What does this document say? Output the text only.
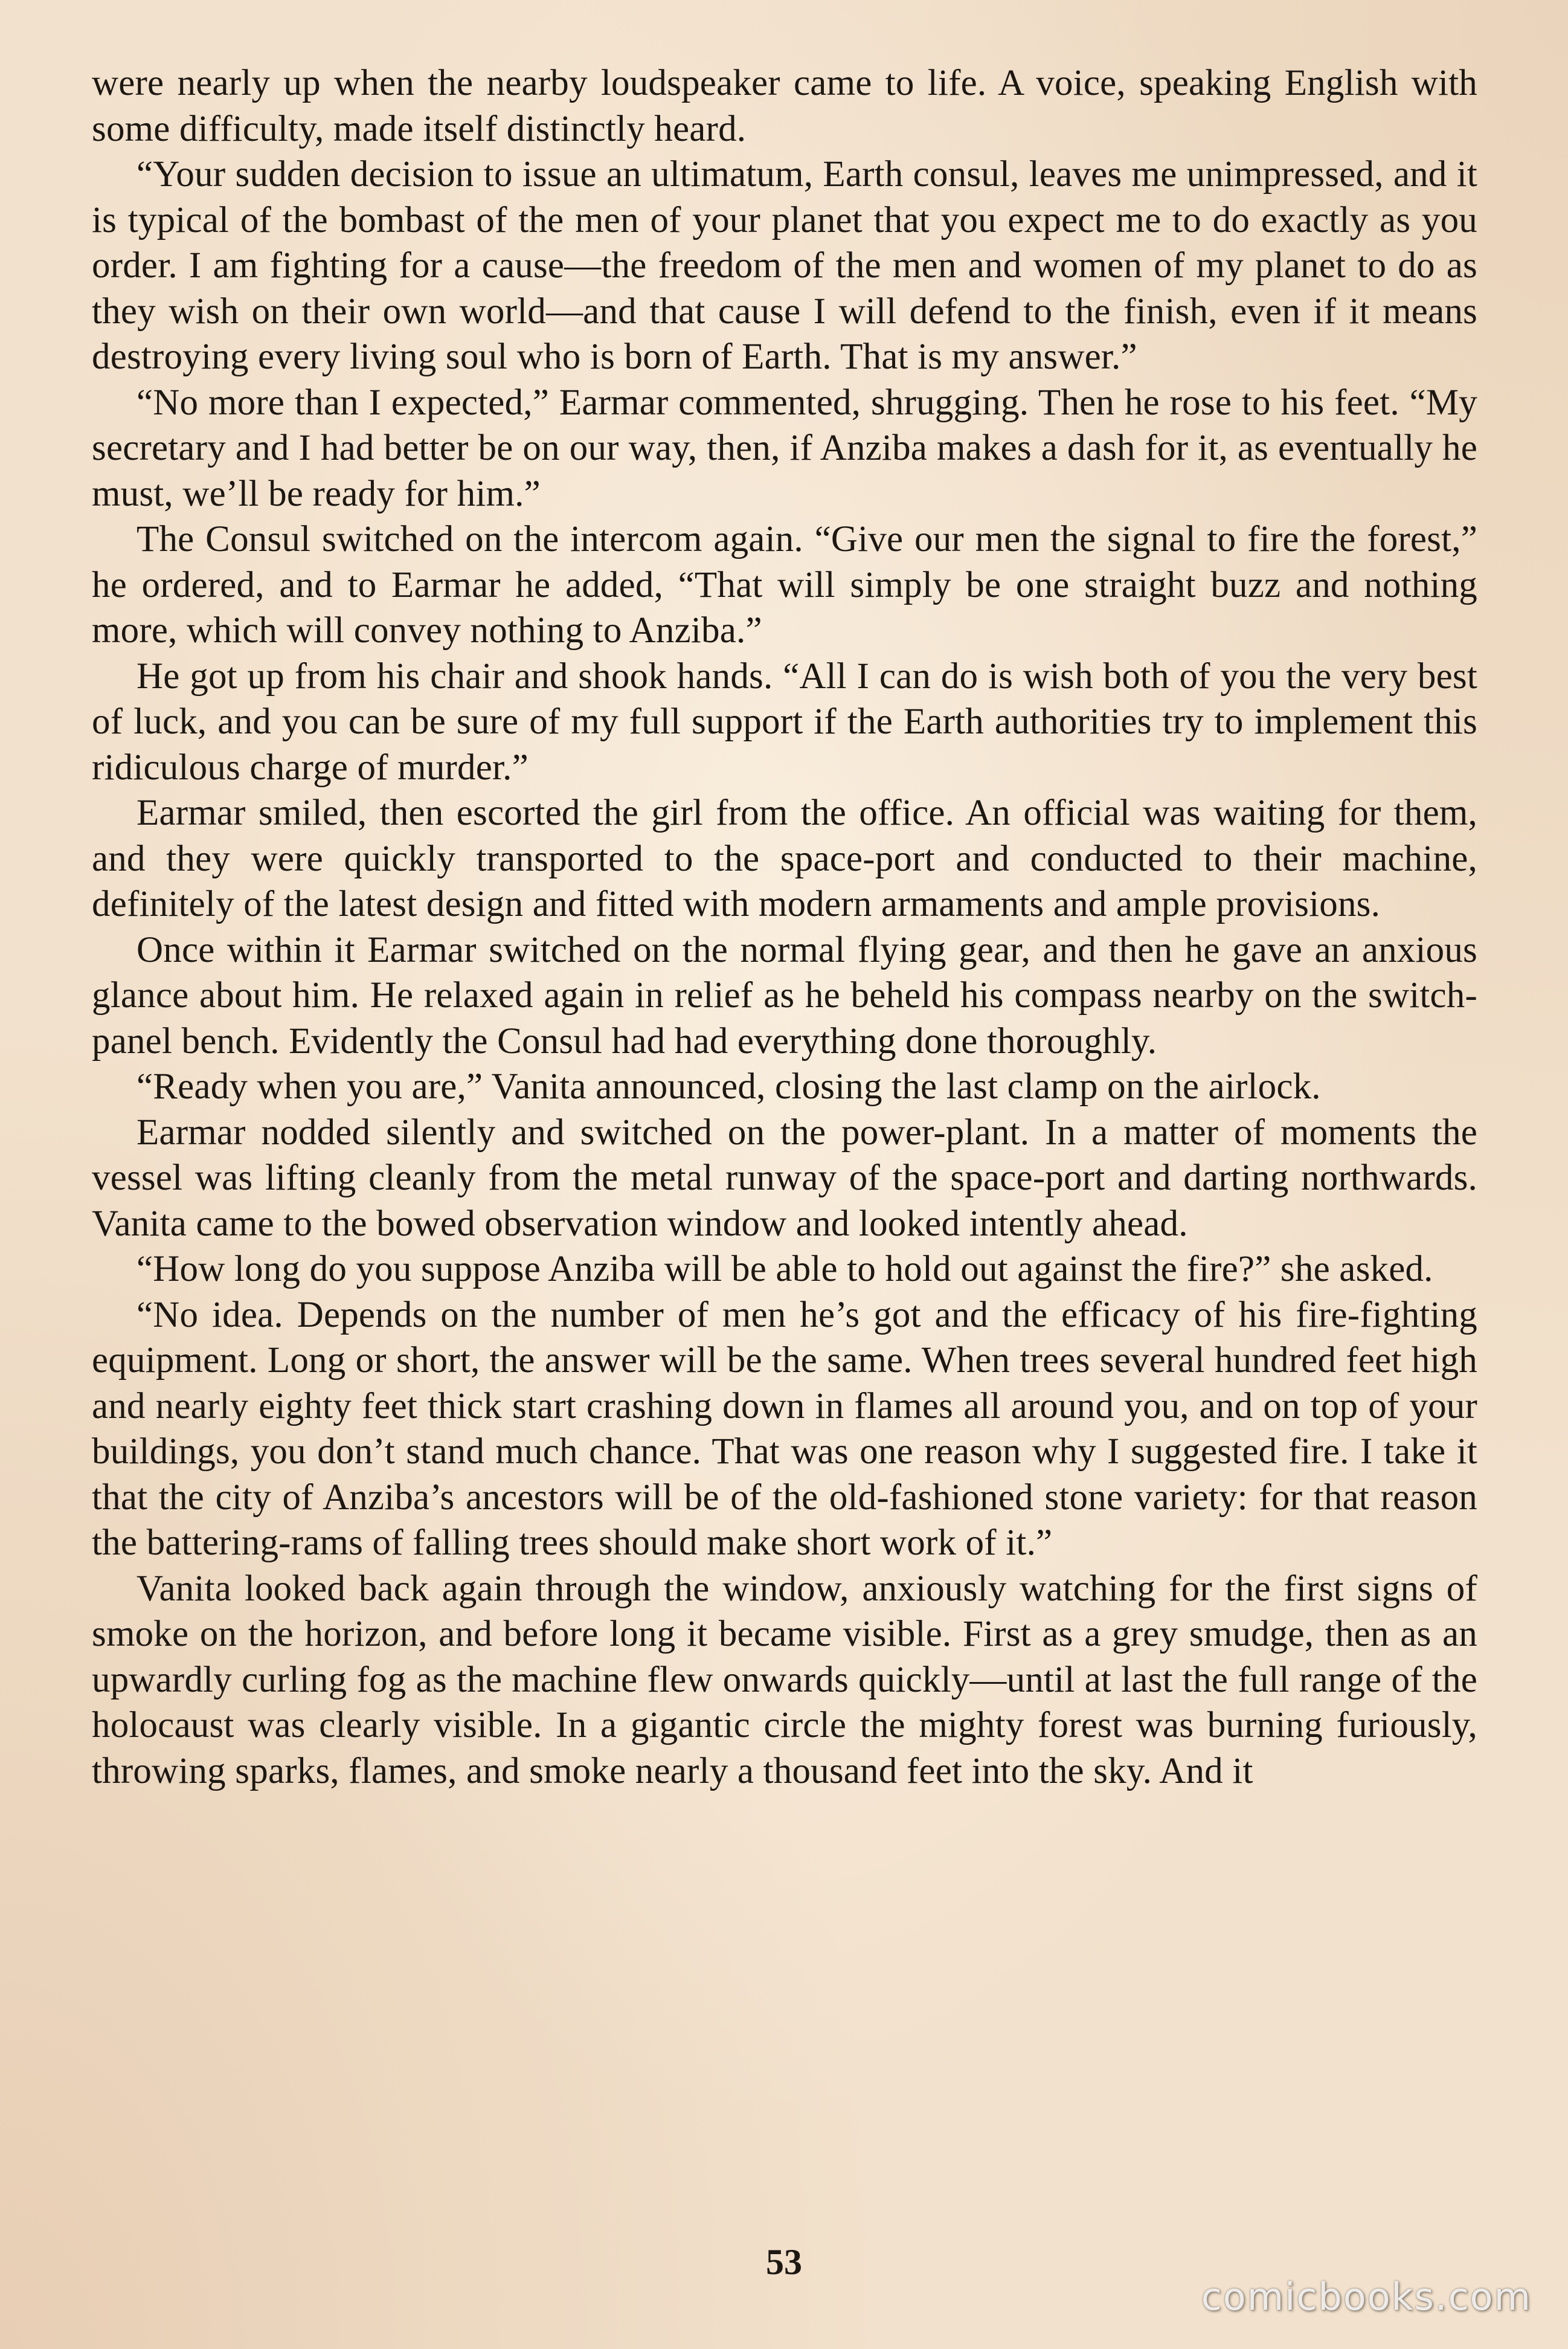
were nearly up when the nearby loudspeaker came to life. A voice, speaking English with some difficulty, made itself distinctly heard.

“Your sudden decision to issue an ultimatum, Earth consul, leaves me unimpressed, and it is typical of the bombast of the men of your planet that you expect me to do exactly as you order. I am fighting for a cause—the freedom of the men and women of my planet to do as they wish on their own world—and that cause I will defend to the finish, even if it means destroying every living soul who is born of Earth. That is my answer.”

“No more than I expected,” Earmar commented, shrugging. Then he rose to his feet. “My secretary and I had better be on our way, then, if Anziba makes a dash for it, as eventually he must, we’ll be ready for him.”

The Consul switched on the intercom again. “Give our men the signal to fire the forest,” he ordered, and to Earmar he added, “That will simply be one straight buzz and nothing more, which will convey nothing to Anziba.”

He got up from his chair and shook hands. “All I can do is wish both of you the very best of luck, and you can be sure of my full support if the Earth authorities try to implement this ridiculous charge of murder.”

Earmar smiled, then escorted the girl from the office. An official was waiting for them, and they were quickly transported to the space-port and conducted to their machine, definitely of the latest design and fitted with modern armaments and ample provisions.

Once within it Earmar switched on the normal flying gear, and then he gave an anxious glance about him. He relaxed again in relief as he beheld his compass nearby on the switch-panel bench. Evidently the Consul had had everything done thoroughly.

“Ready when you are,” Vanita announced, closing the last clamp on the airlock.

Earmar nodded silently and switched on the power-plant. In a matter of moments the vessel was lifting cleanly from the metal runway of the space-port and darting northwards. Vanita came to the bowed observation window and looked intently ahead.

“How long do you suppose Anziba will be able to hold out against the fire?” she asked.

“No idea. Depends on the number of men he’s got and the efficacy of his fire-fighting equipment. Long or short, the answer will be the same. When trees several hundred feet high and nearly eighty feet thick start crashing down in flames all around you, and on top of your buildings, you don’t stand much chance. That was one reason why I suggested fire. I take it that the city of Anziba’s ancestors will be of the old-fashioned stone variety: for that reason the battering-rams of falling trees should make short work of it.”

Vanita looked back again through the window, anxiously watching for the first signs of smoke on the horizon, and before long it became visible. First as a grey smudge, then as an upwardly curling fog as the machine flew onwards quickly—until at last the full range of the holocaust was clearly visible. In a gigantic circle the mighty forest was burning furiously, throwing sparks, flames, and smoke nearly a thousand feet into the sky. And it

53
comicbooks.com
